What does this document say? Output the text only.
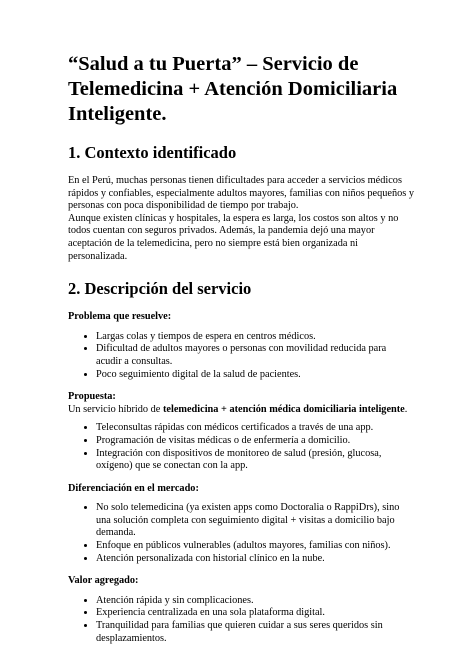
“Salud a tu Puerta” – Servicio de Telemedicina + Atención Domiciliaria Inteligente.
1. Contexto identificado

En el Perú, muchas personas tienen dificultades para acceder a servicios médicos rápidos y confiables, especialmente adultos mayores, familias con niños pequeños y personas con poca disponibilidad de tiempo por trabajo.

Aunque existen clínicas y hospitales, la espera es larga, los costos son altos y no todos cuentan con seguros privados. Además, la pandemia dejó una mayor aceptación de la telemedicina, pero no siempre está bien organizada ni personalizada.

2. Descripción del servicio

Problema que resuelve:

• Largas colas y tiempos de espera en centros médicos.
• Dificultad de adultos mayores o personas con movilidad reducida para acudir a consultas.
• Poco seguimiento digital de la salud de pacientes.

Propuesta:

Un servicio híbrido de telemedicina + atención médica domiciliaria inteligente.

• Teleconsultas rápidas con médicos certificados a través de una app.
• Programación de visitas médicas o de enfermería a domicilio.
• Integración con dispositivos de monitoreo de salud (presión, glucosa, oxígeno) que se conectan con la app.

Diferenciación en el mercado:

• No solo telemedicina (ya existen apps como Doctoralia o RappiDrs), sino una solución completa con seguimiento digital + visitas a domicilio bajo demanda.
• Enfoque en públicos vulnerables (adultos mayores, familias con niños).
• Atención personalizada con historial clínico en la nube.

Valor agregado:

• Atención rápida y sin complicaciones.
• Experiencia centralizada en una sola plataforma digital.
• Tranquilidad para familias que quieren cuidar a sus seres queridos sin desplazamientos.
